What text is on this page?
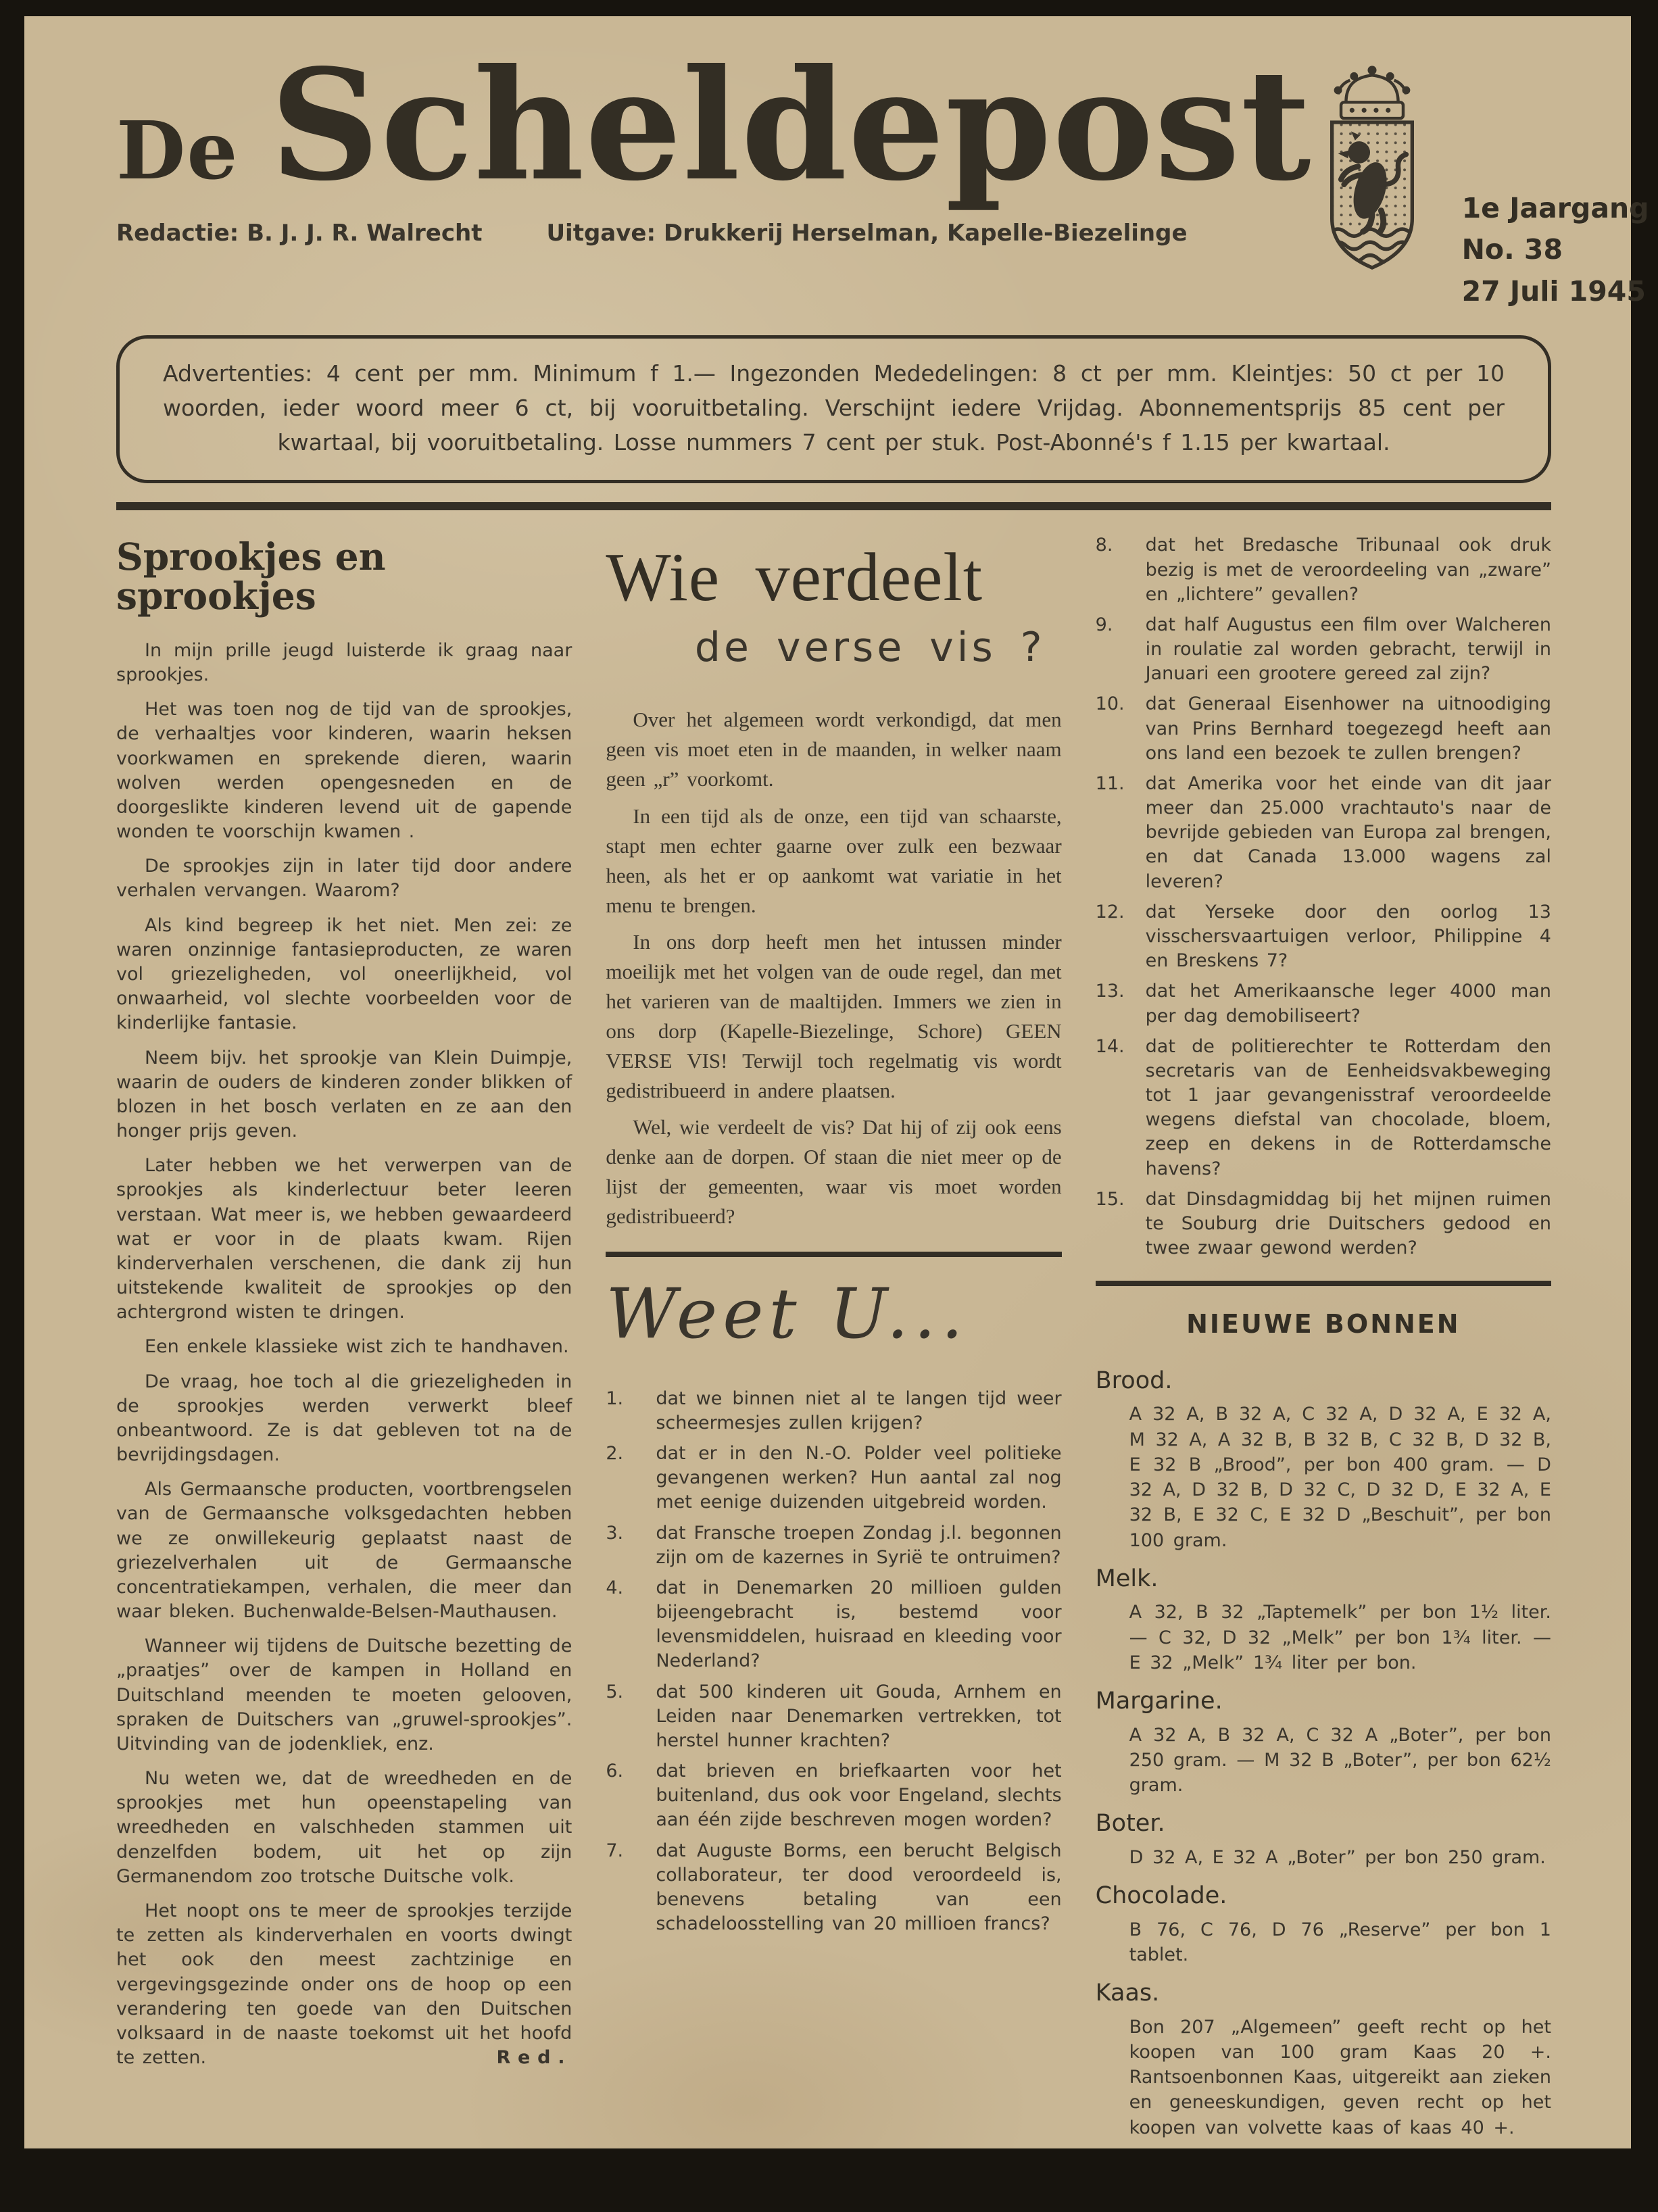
De Scheldepost
Redactie: B. J. J. R. Walrecht	Uitgave: Drukkerij Herselman, Kapelle-Biezelinge
1e Jaargang
No. 38
27 Juli 1945

Advertenties: 4 cent per mm. Minimum f 1.— Ingezonden Mededelingen: 8 ct per mm. Kleintjes: 50 ct per 10 woorden, ieder woord meer 6 ct, bij vooruitbetaling. Verschijnt iedere Vrijdag. Abonnementsprijs 85 cent per kwartaal, bij vooruitbetaling. Losse nummers 7 cent per stuk. Post-Abonné's f 1.15 per kwartaal.

Sprookjes en sprookjes

In mijn prille jeugd luisterde ik graag naar sprookjes.

Het was toen nog de tijd van de sprookjes, de verhaaltjes voor kinderen, waarin heksen voorkwamen en sprekende dieren, waarin wolven werden opengesneden en de doorgeslikte kinderen levend uit de gapende wonden te voorschijn kwamen .

De sprookjes zijn in later tijd door andere verhalen vervangen. Waarom?

Als kind begreep ik het niet. Men zei: ze waren onzinnige fantasieproducten, ze waren vol griezeligheden, vol oneerlijkheid, vol onwaarheid, vol slechte voorbeelden voor de kinderlijke fantasie.

Neem bijv. het sprookje van Klein Duimpje, waarin de ouders de kinderen zonder blikken of blozen in het bosch verlaten en ze aan den honger prijs geven.

Later hebben we het verwerpen van de sprookjes als kinderlectuur beter leeren verstaan. Wat meer is, we hebben gewaardeerd wat er voor in de plaats kwam. Rijen kinderverhalen verschenen, die dank zij hun uitstekende kwaliteit de sprookjes op den achtergrond wisten te dringen.

Een enkele klassieke wist zich te handhaven.

De vraag, hoe toch al die griezeligheden in de sprookjes werden verwerkt bleef onbeantwoord. Ze is dat gebleven tot na de bevrijdingsdagen.

Als Germaansche producten, voortbrengselen van de Germaansche volksgedachten hebben we ze onwillekeurig geplaatst naast de griezelverhalen uit de Germaansche concentratiekampen, verhalen, die meer dan waar bleken. Buchenwalde-Belsen-Mauthausen.

Wanneer wij tijdens de Duitsche bezetting de „praatjes” over de kampen in Holland en Duitschland meenden te moeten gelooven, spraken de Duitschers van „gruwel-sprookjes”. Uitvinding van de jodenkliek, enz.

Nu weten we, dat de wreedheden en de sprookjes met hun opeenstapeling van wreedheden en valschheden stammen uit denzelfden bodem, uit het op zijn Germanendom zoo trotsche Duitsche volk.

Het noopt ons te meer de sprookjes terzijde te zetten als kinderverhalen en voorts dwingt het ook den meest zachtzinige en vergevingsgezinde onder ons de hoop op een verandering ten goede van den Duitschen volksaard in de naaste toekomst uit het hoofd te zetten.	Red.

Wie verdeelt
de verse vis ?

Over het algemeen wordt verkondigd, dat men geen vis moet eten in de maanden, in welker naam geen „r” voorkomt.

In een tijd als de onze, een tijd van schaarste, stapt men echter gaarne over zulk een bezwaar heen, als het er op aankomt wat variatie in het menu te brengen.

In ons dorp heeft men het intussen minder moeilijk met het volgen van de oude regel, dan met het varieren van de maaltijden. Immers we zien in ons dorp (Kapelle-Biezelinge, Schore) GEEN VERSE VIS! Terwijl toch regelmatig vis wordt gedistribueerd in andere plaatsen.

Wel, wie verdeelt de vis? Dat hij of zij ook eens denke aan de dorpen. Of staan die niet meer op de lijst der gemeenten, waar vis moet worden gedistribueerd?

Weet U...
1.	dat we binnen niet al te langen tijd weer scheermesjes zullen krijgen?
2.	dat er in den N.-O. Polder veel politieke gevangenen werken? Hun aantal zal nog met eenige duizenden uitgebreid worden.
3.	dat Fransche troepen Zondag j.l. begonnen zijn om de kazernes in Syrië te ontruimen?
4.	dat in Denemarken 20 millioen gulden bijeengebracht is, bestemd voor levensmiddelen, huisraad en kleeding voor Nederland?
5.	dat 500 kinderen uit Gouda, Arnhem en Leiden naar Denemarken vertrekken, tot herstel hunner krachten?
6.	dat brieven en briefkaarten voor het buitenland, dus ook voor Engeland, slechts aan één zijde beschreven mogen worden?
7.	dat Auguste Borms, een berucht Belgisch collaborateur, ter dood veroordeeld is, benevens betaling van een schadeloosstelling van 20 millioen francs?
8.	dat het Bredasche Tribunaal ook druk bezig is met de veroordeeling van „zware” en „lichtere” gevallen?
9.	dat half Augustus een film over Walcheren in roulatie zal worden gebracht, terwijl in Januari een grootere gereed zal zijn?
10.	dat Generaal Eisenhower na uitnoodiging van Prins Bernhard toegezegd heeft aan ons land een bezoek te zullen brengen?
11.	dat Amerika voor het einde van dit jaar meer dan 25.000 vrachtauto's naar de bevrijde gebieden van Europa zal brengen, en dat Canada 13.000 wagens zal leveren?
12.	dat Yerseke door den oorlog 13 visschersvaartuigen verloor, Philippine 4 en Breskens 7?
13.	dat het Amerikaansche leger 4000 man per dag demobiliseert?
14.	dat de politierechter te Rotterdam den secretaris van de Eenheidsvakbeweging tot 1 jaar gevangenisstraf veroordeelde wegens diefstal van chocolade, bloem, zeep en dekens in de Rotterdamsche havens?
15.	dat Dinsdagmiddag bij het mijnen ruimen te Souburg drie Duitschers gedood en twee zwaar gewond werden?
NIEUWE BONNEN
Brood.

A 32 A, B 32 A, C 32 A, D 32 A, E 32 A, M 32 A, A 32 B, B 32 B, C 32 B, D 32 B, E 32 B „Brood”, per bon 400 gram. — D 32 A, D 32 B, D 32 C, D 32 D, E 32 A, E 32 B, E 32 C, E 32 D „Beschuit”, per bon 100 gram.

Melk.

A 32, B 32 „Taptemelk” per bon 1½ liter. — C 32, D 32 „Melk” per bon 1¾ liter. — E 32 „Melk” 1¾ liter per bon.

Margarine.

A 32 A, B 32 A, C 32 A „Boter”, per bon 250 gram. — M 32 B „Boter”, per bon 62½ gram.

Boter.

D 32 A, E 32 A „Boter” per bon 250 gram.

Chocolade.

B 76, C 76, D 76 „Reserve” per bon 1 tablet.

Kaas.

Bon 207 „Algemeen” geeft recht op het koopen van 100 gram Kaas 20 +. Rantsoenbonnen Kaas, uitgereikt aan zieken en geneeskundigen, geven recht op het koopen van volvette kaas of kaas 40 +.
